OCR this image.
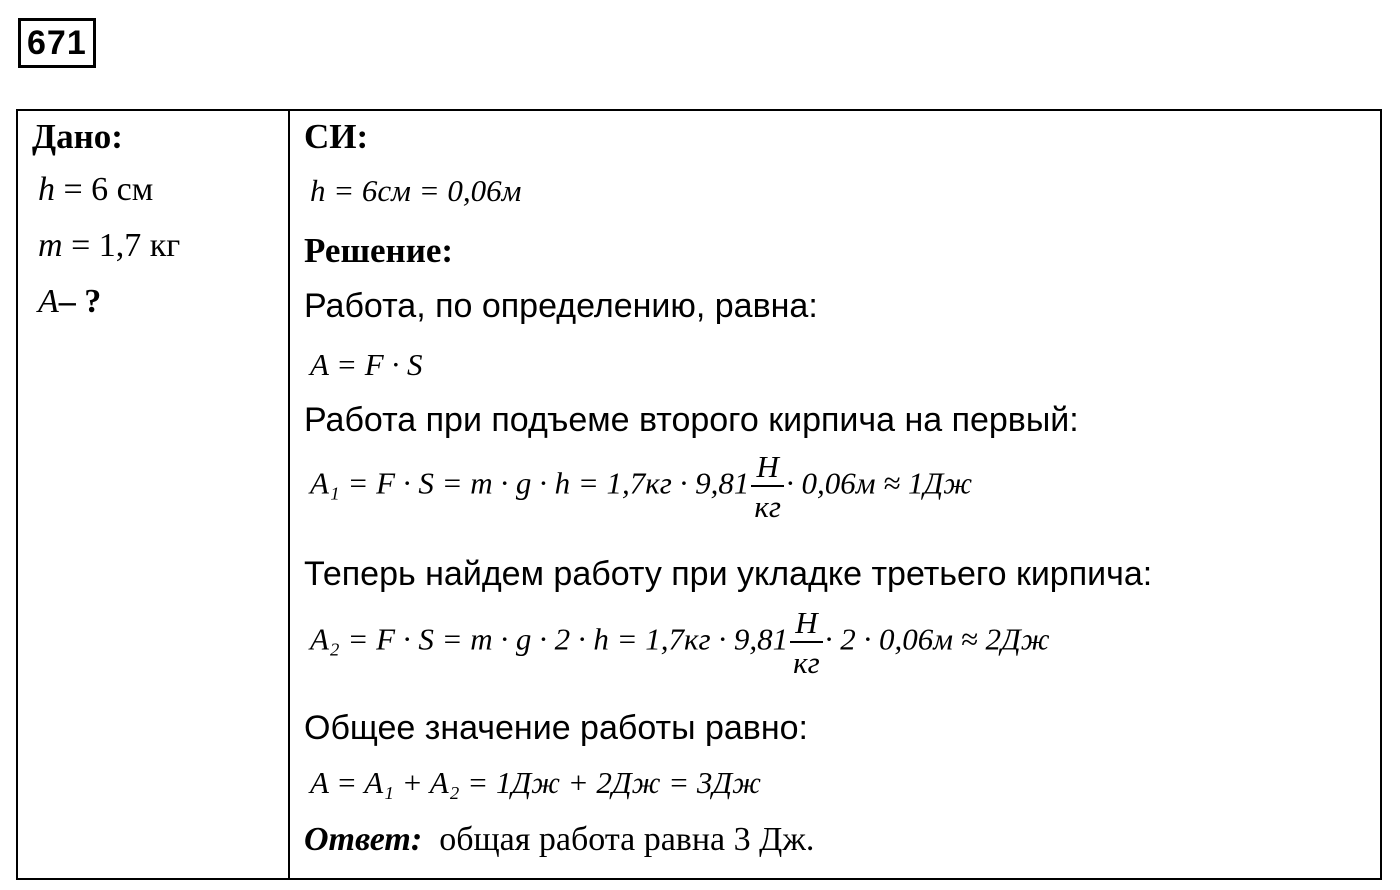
671
Дано:
h = 6 см
m = 1,7 кг
A– ?
СИ:
h = 6см = 0,06м
Решение:
Работа, по определению, равна:
A = F · S
Работа при подъеме второго кирпича на первый:
$A_1 = F \cdot S = m \cdot g \cdot h = 1,7кг \cdot 9,81 \frac{Н}{кг} \cdot 0,06м \approx 1Дж$
Теперь найдем работу при укладке третьего кирпича:
$A_2 = F \cdot S = m \cdot g \cdot 2 \cdot h = 1,7кг \cdot 9,81 \frac{Н}{кг} \cdot 2 \cdot 0,06м \approx 2Дж$
Общее значение работы равно:
A = A₁ + A₂ = 1Дж + 2Дж = 3Дж
Ответ: общая работа равна 3 Дж.
